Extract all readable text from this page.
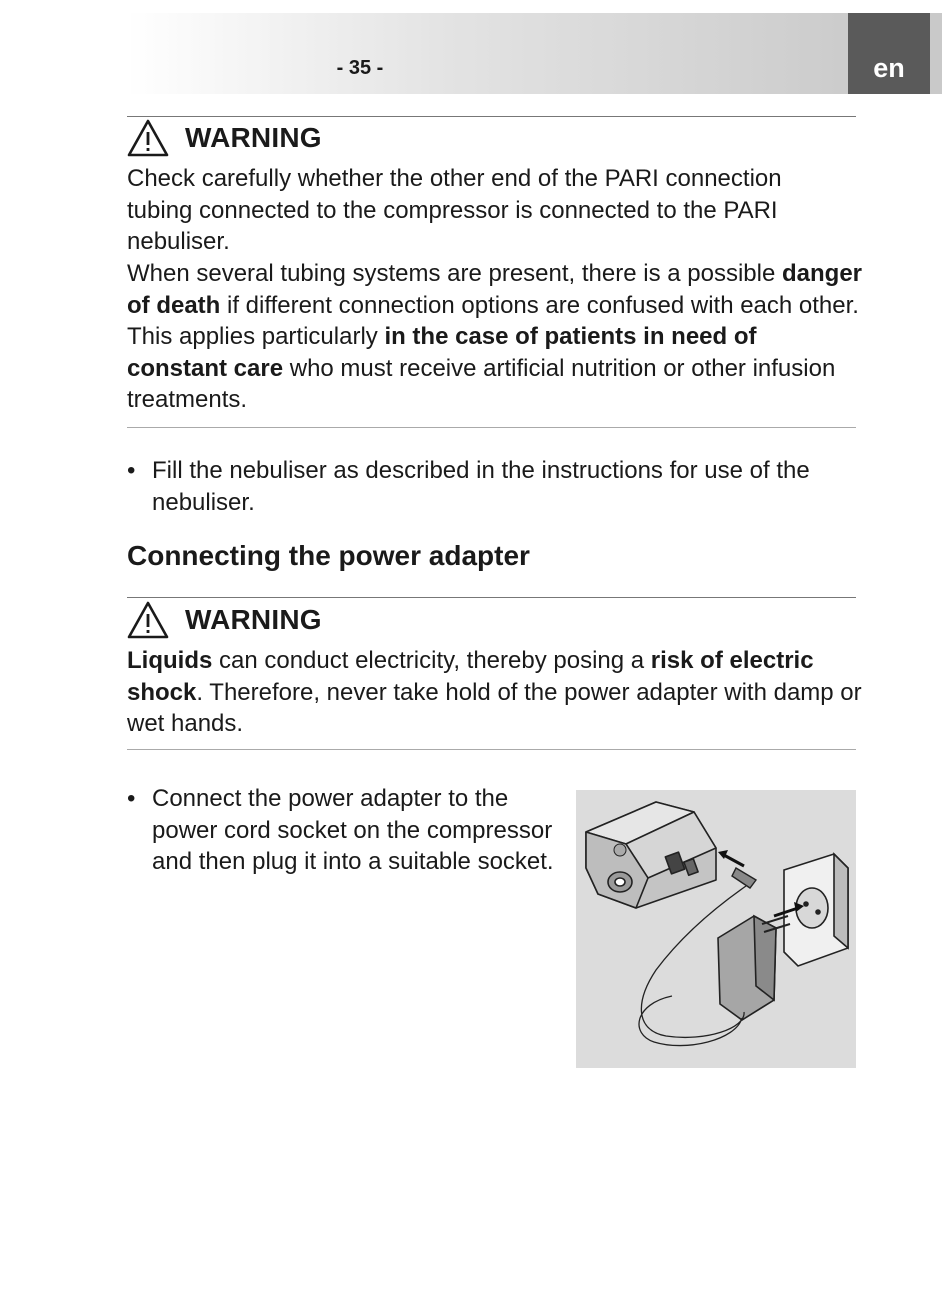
- 35 -	en
WARNING

Check carefully whether the other end of the PARI connection tubing connected to the compressor is connected to the PARI nebuliser.

When several tubing systems are present, there is a possible danger of death if different connection options are confused with each other. This applies particularly in the case of patients in need of constant care who must receive artificial nutrition or other infusion treatments.

• Fill the nebuliser as described in the instructions for use of the nebuliser.
Connecting the power adapter
WARNING

Liquids can conduct electricity, thereby posing a risk of electric shock. Therefore, never take hold of the power adapter with damp or wet hands.

• Connect the power adapter to the power cord socket on the compressor and then plug it into a suitable socket.
